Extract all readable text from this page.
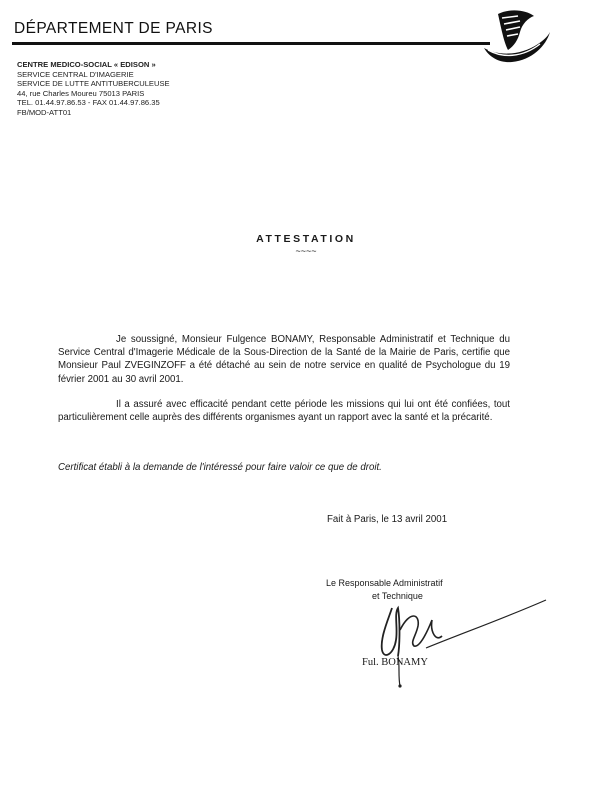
DÉPARTEMENT DE PARIS
CENTRE MEDICO-SOCIAL « EDISON »
SERVICE CENTRAL D'IMAGERIE
SERVICE DE LUTTE ANTITUBERCULEUSE
44, rue Charles Moureu 75013 PARIS
TEL. 01.44.97.86.53 - FAX 01.44.97.86.35
FB/MOD-ATT01
ATTESTATION
~~~~
Je soussigné, Monsieur Fulgence BONAMY, Responsable Administratif et Technique du Service Central d'Imagerie Médicale de la Sous-Direction de la Santé de la Mairie de Paris, certifie que Monsieur Paul ZVEGINZOFF a été détaché au sein de notre service en qualité de Psychologue du 19 février 2001 au 30 avril 2001.
Il a assuré avec efficacité pendant cette période les missions qui lui ont été confiées, tout particulièrement celle auprès des différents organismes ayant un rapport avec la santé et la précarité.
Certificat établi à la demande de l'intéressé pour faire valoir ce que de droit.
Fait à Paris, le 13 avril 2001
Le Responsable Administratif
et Technique
Ful. BONAMY
